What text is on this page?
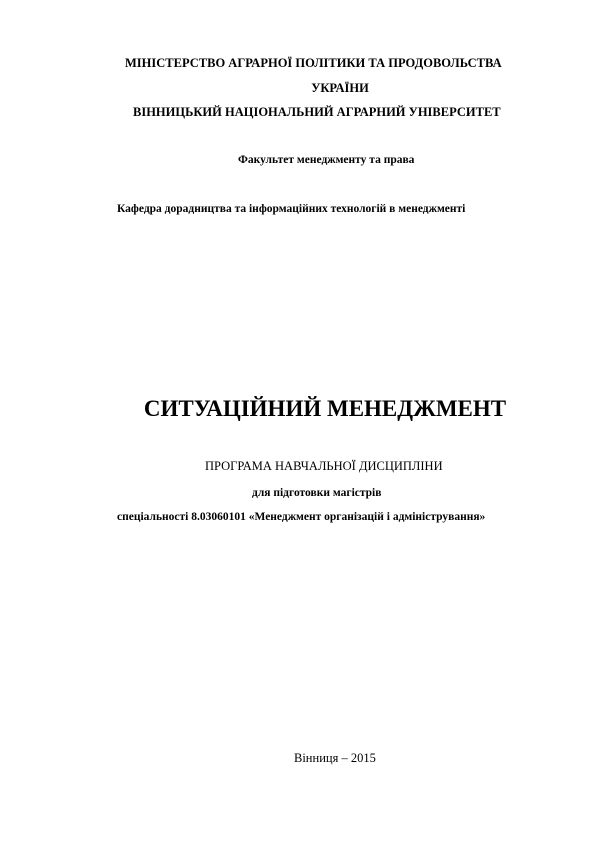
МІНІСТЕРСТВО АГРАРНОЇ ПОЛІТИКИ ТА ПРОДОВОЛЬСТВА
УКРАЇНИ
ВІННИЦЬКИЙ НАЦІОНАЛЬНИЙ АГРАРНИЙ УНІВЕРСИТЕТ
Факультет менеджменту та права
Кафедра дорадництва та інформаційних технологій в менеджменті
СИТУАЦІЙНИЙ МЕНЕДЖМЕНТ
ПРОГРАМА НАВЧАЛЬНОЇ ДИСЦИПЛІНИ
для підготовки магістрів
спеціальності 8.03060101 «Менеджмент організацій і адміністрування»
Вінниця – 2015
